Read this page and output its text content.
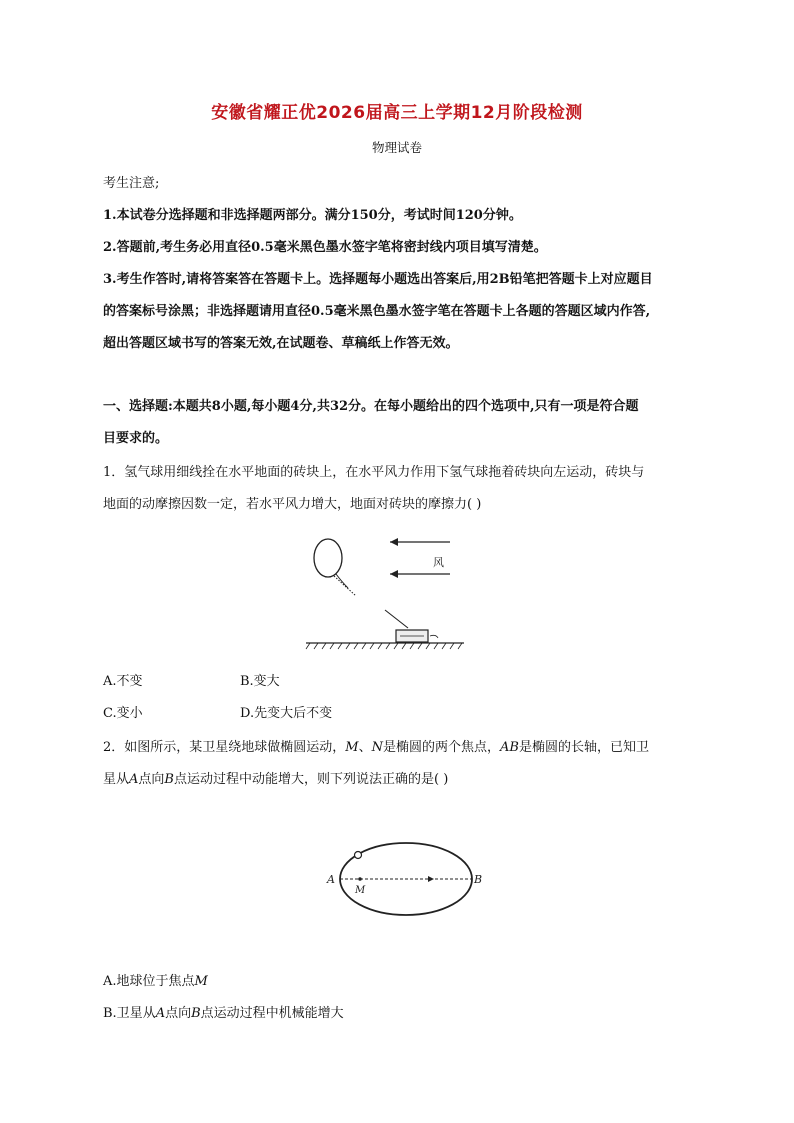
安徽省耀正优2026届高三上学期12月阶段检测
物理试卷
考生注意;
1.本试卷分选择题和非选择题两部分。满分150分，考试时间120分钟。
2.答题前,考生务必用直径0.5毫米黑色墨水签字笔将密封线内项目填写清楚。
3.考生作答时,请将答案答在答题卡上。选择题每小题选出答案后,用2B铅笔把答题卡上对应题目
的答案标号涂黑；非选择题请用直径0.5毫米黑色墨水签字笔在答题卡上各题的答题区域内作答,
超出答题区域书写的答案无效,在试题卷、草稿纸上作答无效。
一、选择题:本题共8小题,每小题4分,共32分。在每小题给出的四个选项中,只有一项是符合题
目要求的。
1．氢气球用细线拴在水平地面的砖块上，在水平风力作用下氢气球拖着砖块向左运动，砖块与
地面的动摩擦因数一定，若水平风力增大，地面对砖块的摩擦力( )
风
A.不变	B.变大
C.变小	D.先变大后不变
2．如图所示，某卫星绕地球做椭圆运动，M、N是椭圆的两个焦点，AB是椭圆的长轴，已知卫
星从A点向B点运动过程中动能增大，则下列说法正确的是( )
A	B
M
A.地球位于焦点M
B.卫星从A点向B点运动过程中机械能增大
